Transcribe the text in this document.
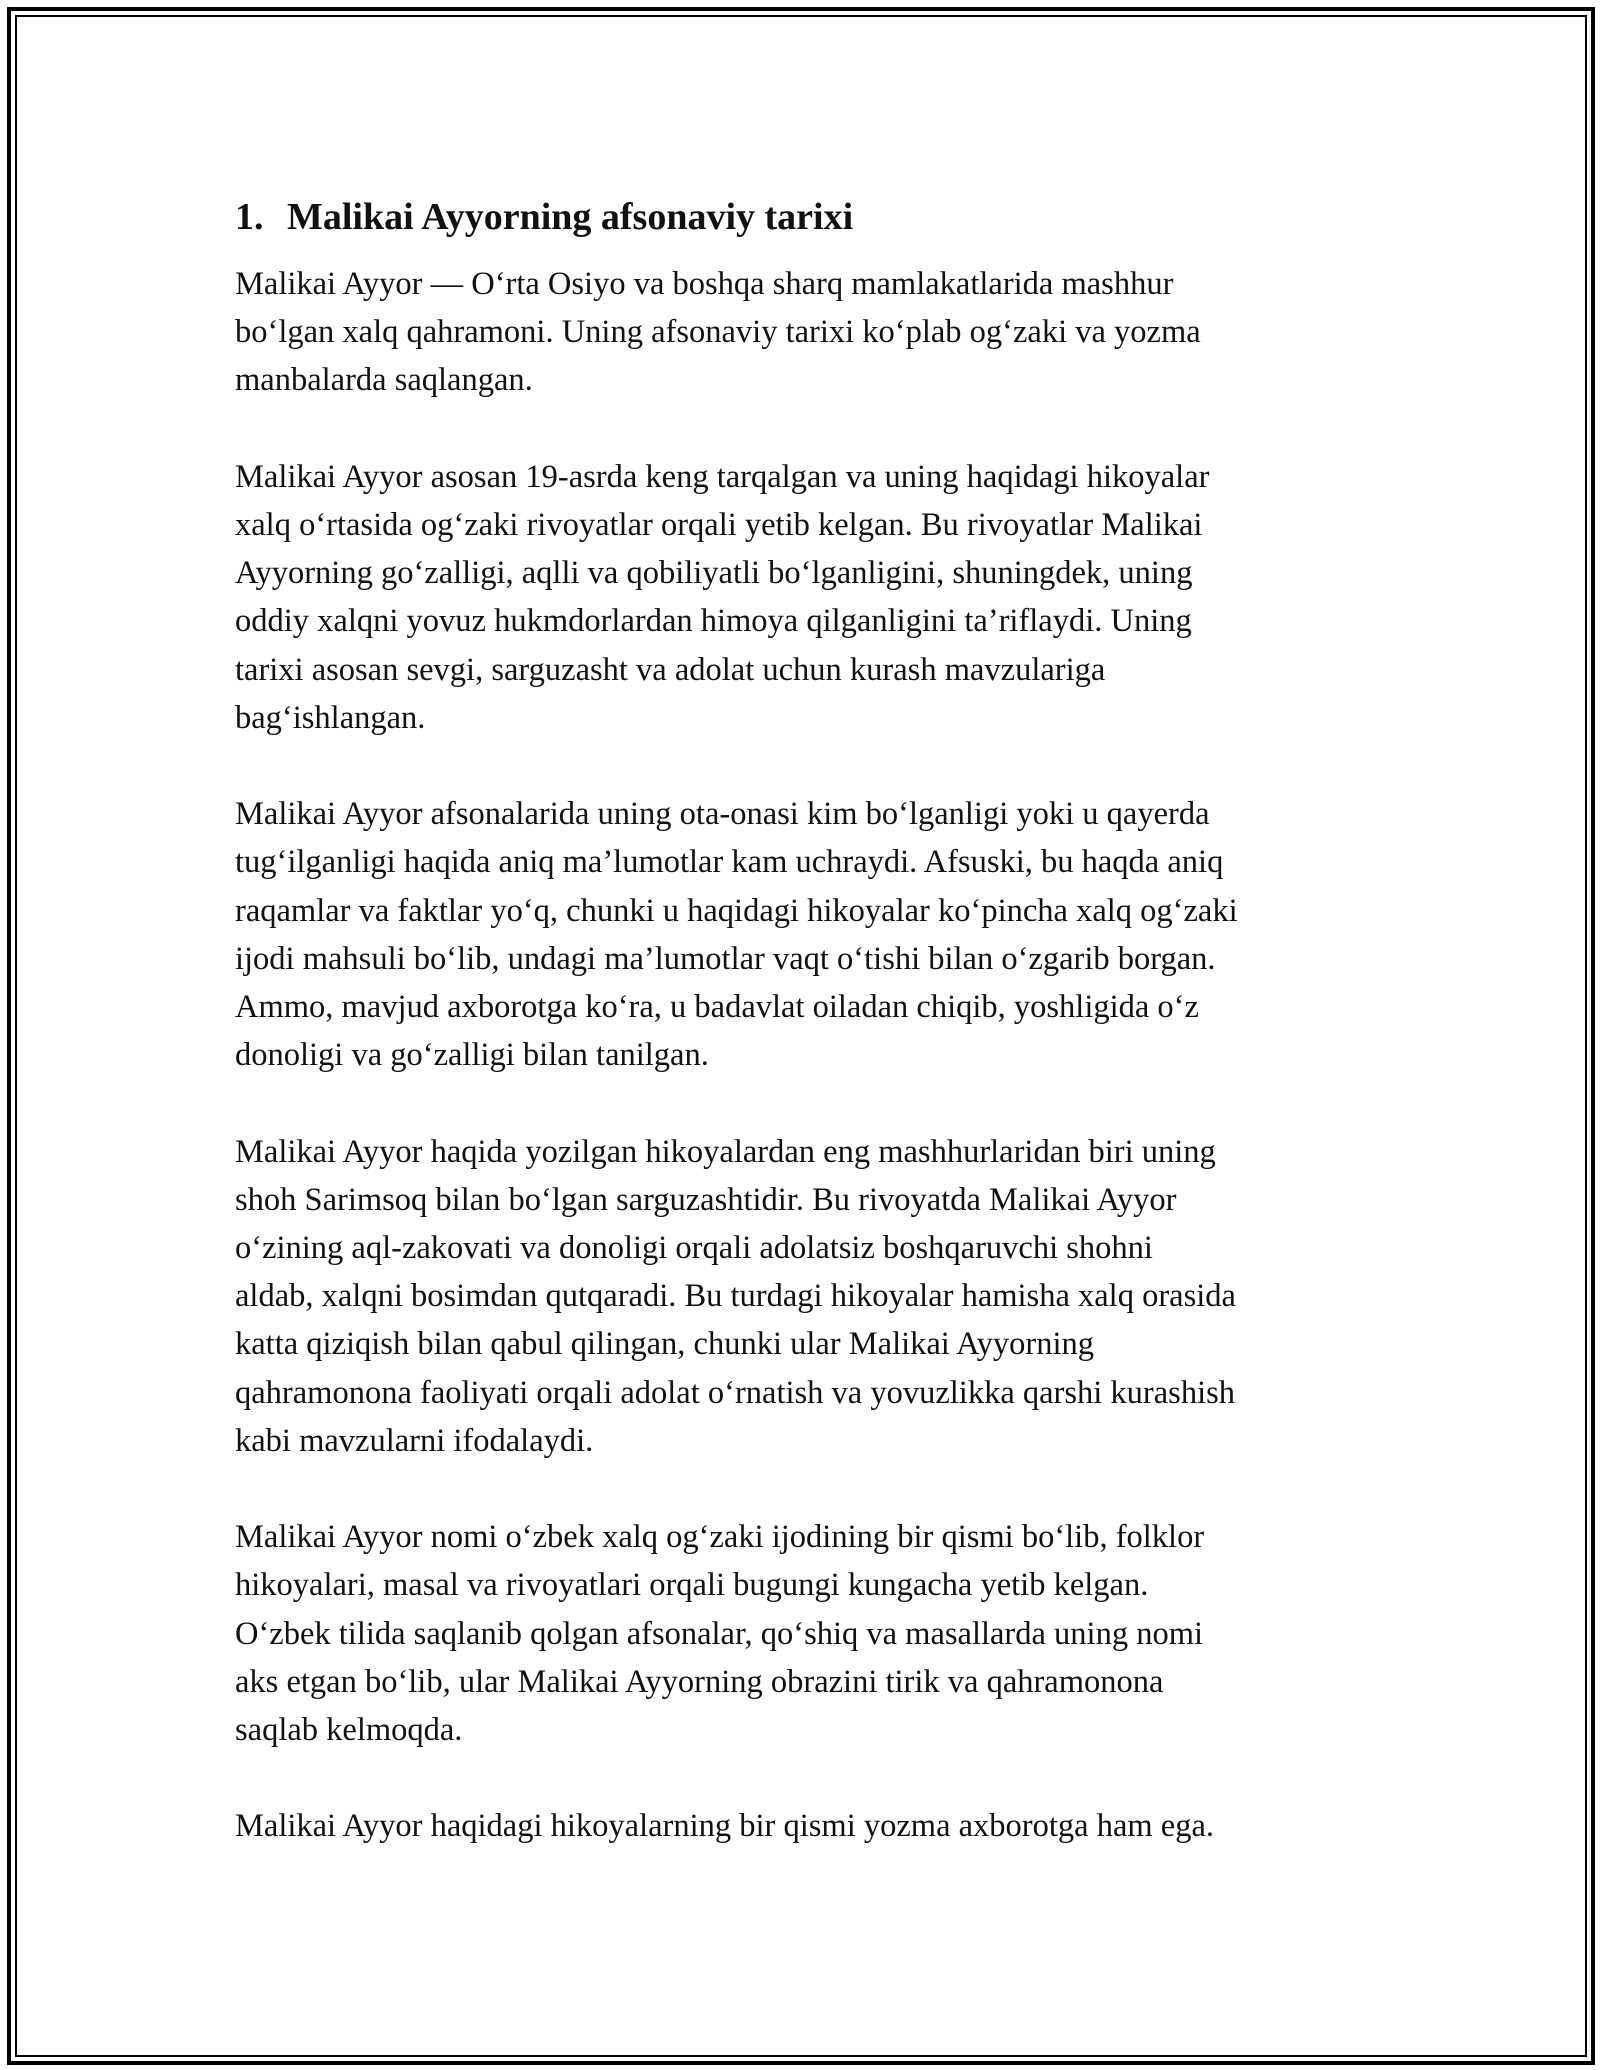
1. Malikai Ayyorning afsonaviy tarixi

Malikai Ayyor — O‘rta Osiyo va boshqa sharq mamlakatlarida mashhur
bo‘lgan xalq qahramoni. Uning afsonaviy tarixi ko‘plab og‘zaki va yozma
manbalarda saqlangan.

Malikai Ayyor asosan 19-asrda keng tarqalgan va uning haqidagi hikoyalar
xalq o‘rtasida og‘zaki rivoyatlar orqali yetib kelgan. Bu rivoyatlar Malikai
Ayyorning go‘zalligi, aqlli va qobiliyatli bo‘lganligini, shuningdek, uning
oddiy xalqni yovuz hukmdorlardan himoya qilganligini ta’riflaydi. Uning
tarixi asosan sevgi, sarguzasht va adolat uchun kurash mavzulariga
bag‘ishlangan.

Malikai Ayyor afsonalarida uning ota-onasi kim bo‘lganligi yoki u qayerda
tug‘ilganligi haqida aniq ma’lumotlar kam uchraydi. Afsuski, bu haqda aniq
raqamlar va faktlar yo‘q, chunki u haqidagi hikoyalar ko‘pincha xalq og‘zaki
ijodi mahsuli bo‘lib, undagi ma’lumotlar vaqt o‘tishi bilan o‘zgarib borgan.
Ammo, mavjud axborotga ko‘ra, u badavlat oiladan chiqib, yoshligida o‘z
donoligi va go‘zalligi bilan tanilgan.

Malikai Ayyor haqida yozilgan hikoyalardan eng mashhurlaridan biri uning
shoh Sarimsoq bilan bo‘lgan sarguzashtidir. Bu rivoyatda Malikai Ayyor
o‘zining aql-zakovati va donoligi orqali adolatsiz boshqaruvchi shohni
aldab, xalqni bosimdan qutqaradi. Bu turdagi hikoyalar hamisha xalq orasida
katta qiziqish bilan qabul qilingan, chunki ular Malikai Ayyorning
qahramonona faoliyati orqali adolat o‘rnatish va yovuzlikka qarshi kurashish
kabi mavzularni ifodalaydi.

Malikai Ayyor nomi o‘zbek xalq og‘zaki ijodining bir qismi bo‘lib, folklor
hikoyalari, masal va rivoyatlari orqali bugungi kungacha yetib kelgan.
O‘zbek tilida saqlanib qolgan afsonalar, qo‘shiq va masallarda uning nomi
aks etgan bo‘lib, ular Malikai Ayyorning obrazini tirik va qahramonona
saqlab kelmoqda.

Malikai Ayyor haqidagi hikoyalarning bir qismi yozma axborotga ham ega.
